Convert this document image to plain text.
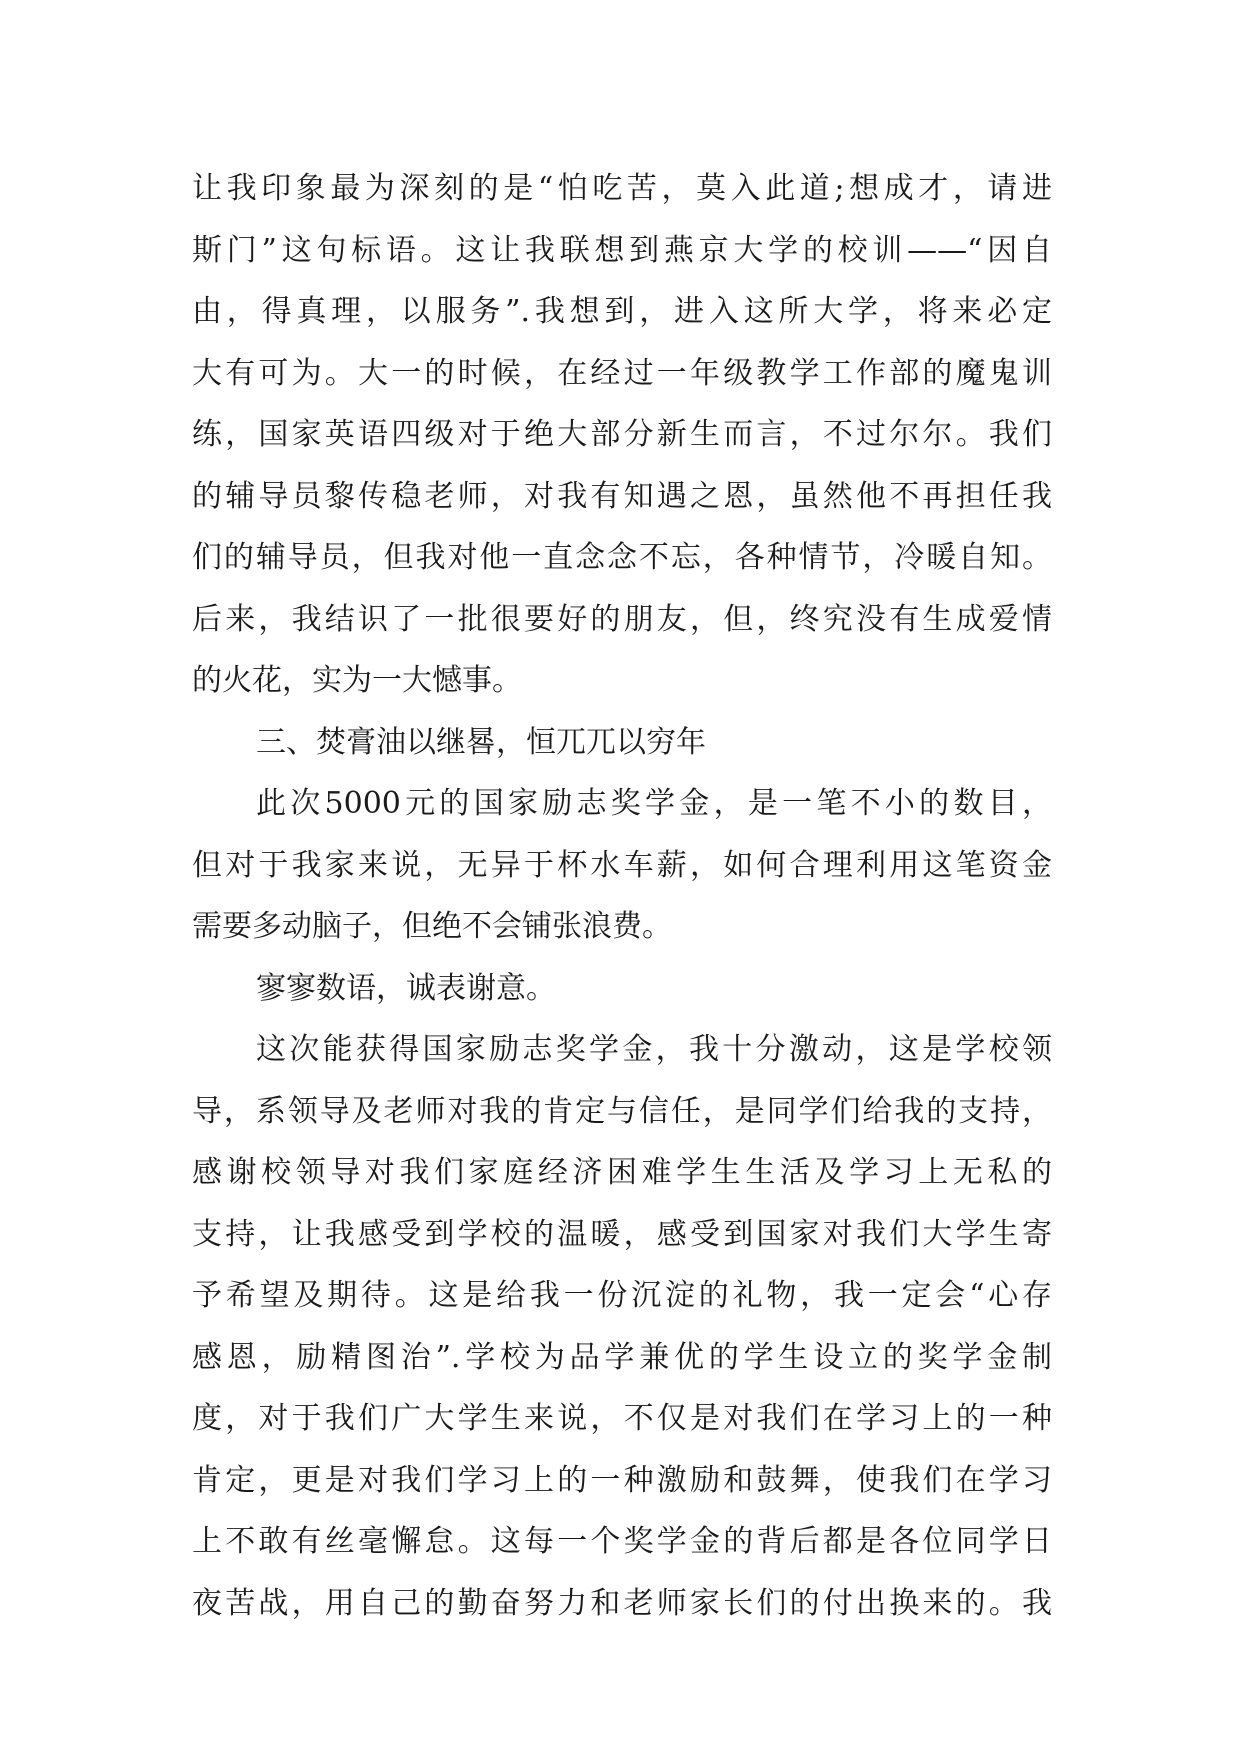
让我印象最为深刻的是“怕吃苦，莫入此道;想成才，请进
斯门”这句标语。这让我联想到燕京大学的校训——“因自
由，得真理，以服务”.我想到，进入这所大学，将来必定
大有可为。大一的时候，在经过一年级教学工作部的魔鬼训
练，国家英语四级对于绝大部分新生而言，不过尔尔。我们
的辅导员黎传稳老师，对我有知遇之恩，虽然他不再担任我
们的辅导员，但我对他一直念念不忘，各种情节，冷暖自知。
后来，我结识了一批很要好的朋友，但，终究没有生成爱情
的火花，实为一大憾事。
三、焚膏油以继晷，恒兀兀以穷年
此次5000元的国家励志奖学金，是一笔不小的数目，
但对于我家来说，无异于杯水车薪，如何合理利用这笔资金
需要多动脑子，但绝不会铺张浪费。
寥寥数语，诚表谢意。
这次能获得国家励志奖学金，我十分激动，这是学校领
导，系领导及老师对我的肯定与信任，是同学们给我的支持，
感谢校领导对我们家庭经济困难学生生活及学习上无私的
支持，让我感受到学校的温暖，感受到国家对我们大学生寄
予希望及期待。这是给我一份沉淀的礼物，我一定会“心存
感恩，励精图治”.学校为品学兼优的学生设立的奖学金制
度，对于我们广大学生来说，不仅是对我们在学习上的一种
肯定，更是对我们学习上的一种激励和鼓舞，使我们在学习
上不敢有丝毫懈怠。这每一个奖学金的背后都是各位同学日
夜苦战，用自己的勤奋努力和老师家长们的付出换来的。我
